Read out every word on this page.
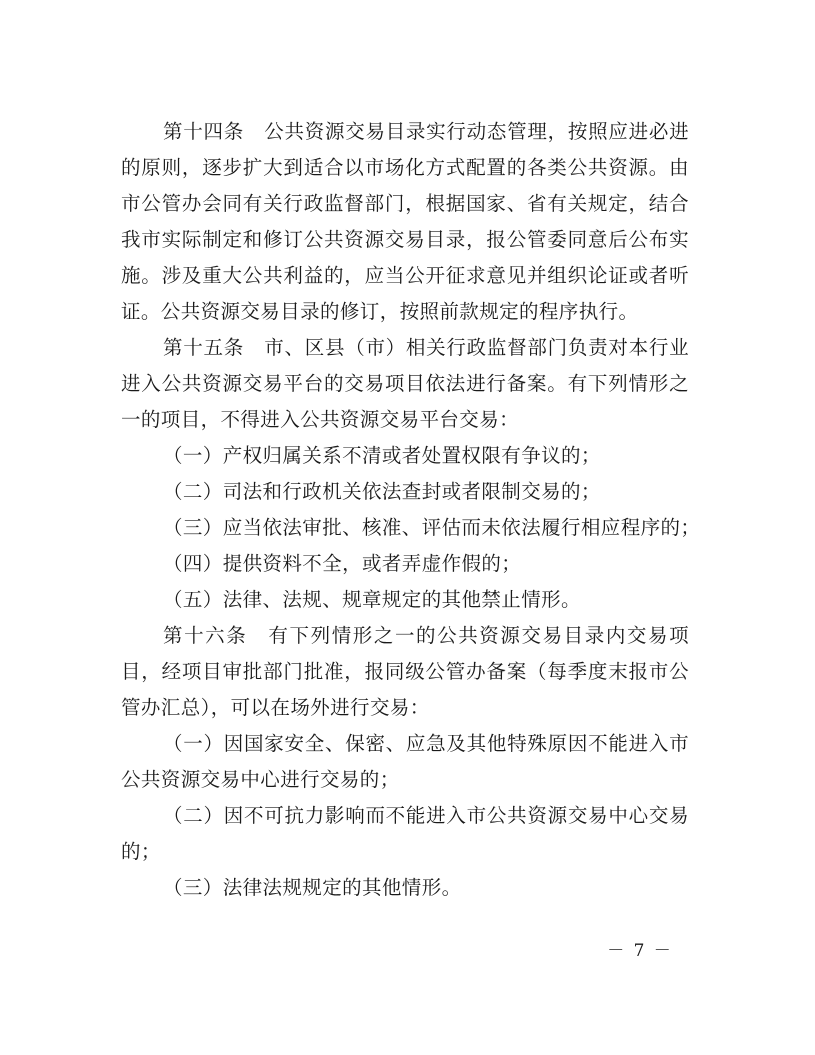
第十四条　公共资源交易目录实行动态管理，按照应进必进
的原则，逐步扩大到适合以市场化方式配置的各类公共资源。由
市公管办会同有关行政监督部门，根据国家、省有关规定，结合
我市实际制定和修订公共资源交易目录，报公管委同意后公布实
施。涉及重大公共利益的，应当公开征求意见并组织论证或者听
证。公共资源交易目录的修订，按照前款规定的程序执行。
第十五条　市、区县（市）相关行政监督部门负责对本行业
进入公共资源交易平台的交易项目依法进行备案。有下列情形之
一的项目，不得进入公共资源交易平台交易：
（一）产权归属关系不清或者处置权限有争议的；
（二）司法和行政机关依法查封或者限制交易的；
（三）应当依法审批、核准、评估而未依法履行相应程序的；
（四）提供资料不全，或者弄虚作假的；
（五）法律、法规、规章规定的其他禁止情形。
第十六条　有下列情形之一的公共资源交易目录内交易项
目，经项目审批部门批准，报同级公管办备案（每季度末报市公
管办汇总），可以在场外进行交易：
（一）因国家安全、保密、应急及其他特殊原因不能进入市
公共资源交易中心进行交易的；
（二）因不可抗力影响而不能进入市公共资源交易中心交易
的；
（三）法律法规规定的其他情形。
－ 7 －
